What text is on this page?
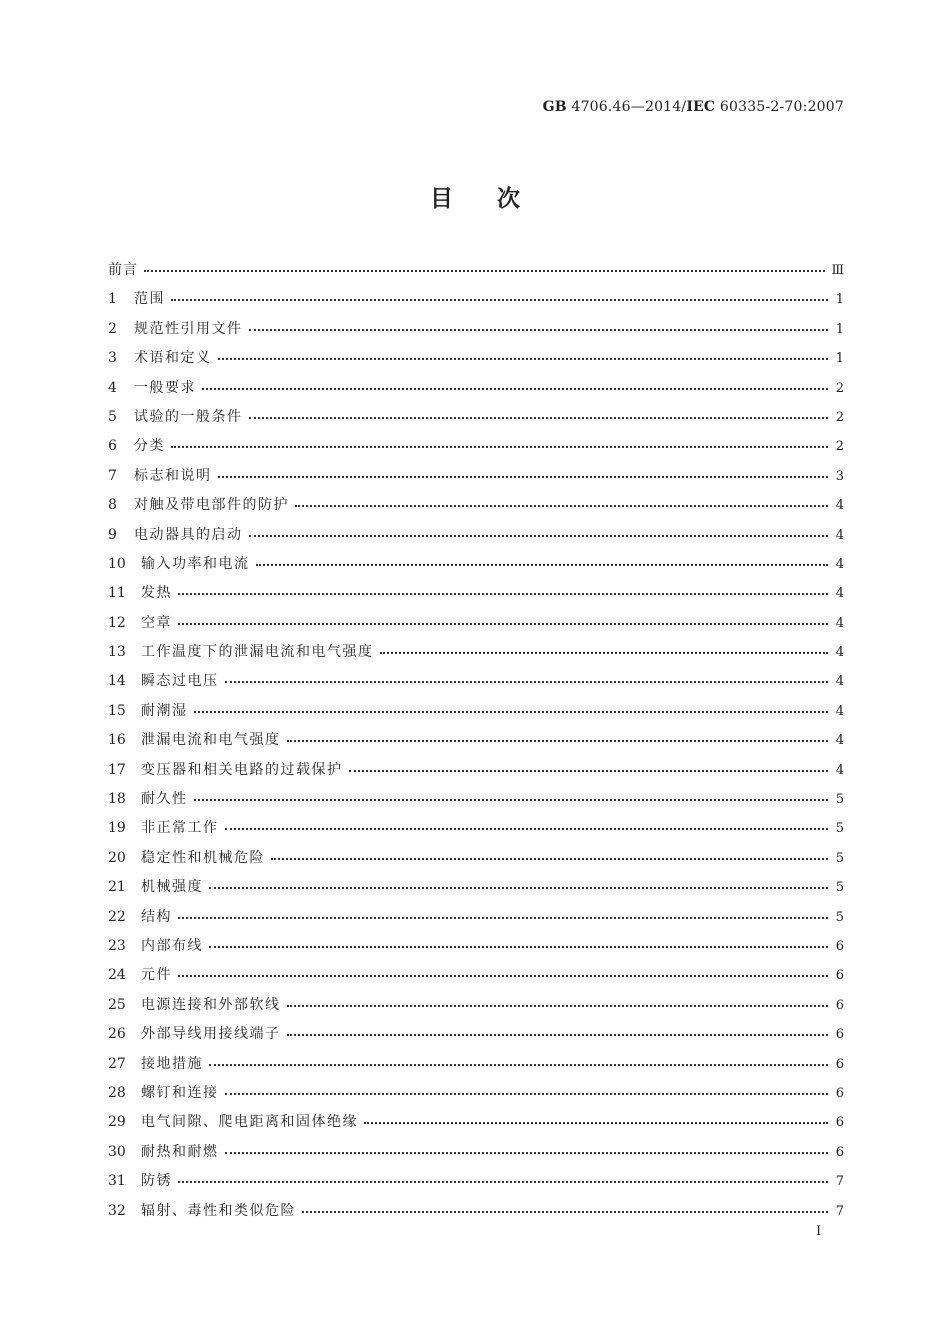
GB 4706.46—2014/IEC 60335-2-70:2007
目次
前言	Ⅲ
1	范围	1
2	规范性引用文件	1
3	术语和定义	1
4	一般要求	2
5	试验的一般条件	2
6	分类	2
7	标志和说明	3
8	对触及带电部件的防护	4
9	电动器具的启动	4
10	输入功率和电流	4
11	发热	4
12	空章	4
13	工作温度下的泄漏电流和电气强度	4
14	瞬态过电压	4
15	耐潮湿	4
16	泄漏电流和电气强度	4
17	变压器和相关电路的过载保护	4
18	耐久性	5
19	非正常工作	5
20	稳定性和机械危险	5
21	机械强度	5
22	结构	5
23	内部布线	6
24	元件	6
25	电源连接和外部软线	6
26	外部导线用接线端子	6
27	接地措施	6
28	螺钉和连接	6
29	电气间隙、爬电距离和固体绝缘	6
30	耐热和耐燃	6
31	防锈	7
32	辐射、毒性和类似危险	7
Ⅰ
